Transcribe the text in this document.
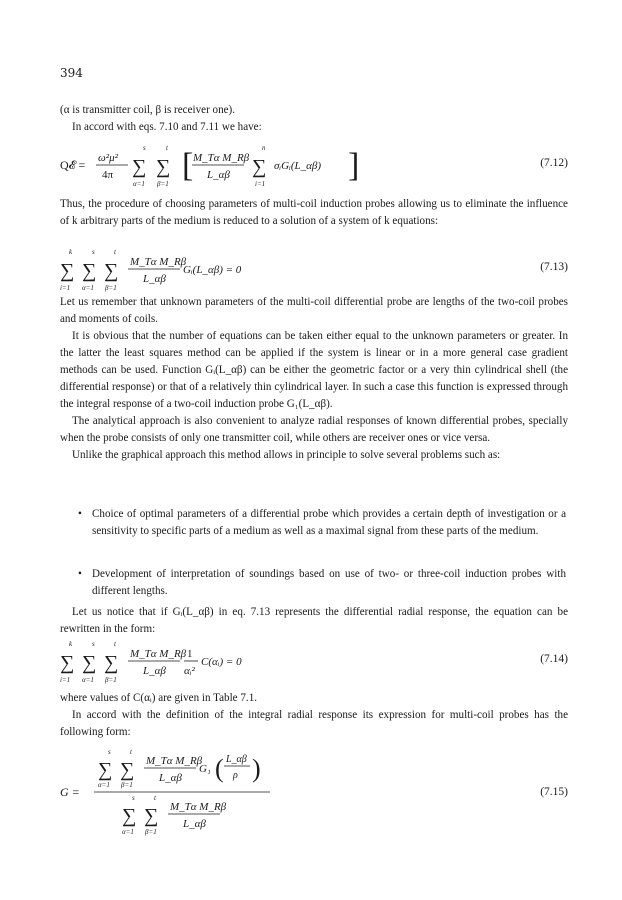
394

(α is transmitter coil, β is receiver one).

In accord with eqs. 7.10 and 7.11 we have:

Q𝓔 = ω²μ²
4π
s
∑
α=1
t
∑
β=1 [ M_Tα M_Rβ
L_αβ
n
∑
i=1
σᵢGᵢ(L_αβ) ]	(7.12)

Thus, the procedure of choosing parameters of multi-coil induction probes allowing us to eliminate the influence of k arbitrary parts of the medium is reduced to a solution of a system of k equations:

k
∑
i=1
s
∑
α=1
t
∑
β=1
M_Tα M_Rβ
L_αβ
Gᵢ(L_αβ) = 0	(7.13)

Let us remember that unknown parameters of the multi-coil differential probe are lengths of the two-coil probes and moments of coils.

It is obvious that the number of equations can be taken either equal to the unknown parameters or greater. In the latter the least squares method can be applied if the system is linear or in a more general case gradient methods can be used. Function Gᵢ(L_αβ) can be either the geometric factor or a very thin cylindrical shell (the differential response) or that of a relatively thin cylindrical layer. In such a case this function is expressed through the integral response of a two-coil induction probe G₁(L_αβ).

The analytical approach is also convenient to analyze radial responses of known differential probes, specially when the probe consists of only one transmitter coil, while others are receiver ones or vice versa.

Unlike the graphical approach this method allows in principle to solve several problems such as:

• Choice of optimal parameters of a differential probe which provides a certain depth of investigation or a sensitivity to specific parts of a medium as well as a maximal signal from these parts of the medium.
• Development of interpretation of soundings based on use of two- or three-coil induction probes with different lengths.

Let us notice that if Gᵢ(L_αβ) in eq. 7.13 represents the differential radial response, the equation can be rewritten in the form:

k
∑
i=1
s
∑
α=1
t
∑
β=1
M_Tα M_Rβ
L_αβ
1
αᵢ²
C(αᵢ) = 0	(7.14)

where values of C(αᵢ) are given in Table 7.1.

In accord with the definition of the integral radial response its expression for multi-coil probes has the following form:

G =
s
∑
α=1
t
∑
β=1
M_Tα M_Rβ
L_αβ
G₁ ( L_αβ
ρ )
s
∑
α=1
t
∑
β=1
M_Tα M_Rβ
L_αβ
(7.15)
